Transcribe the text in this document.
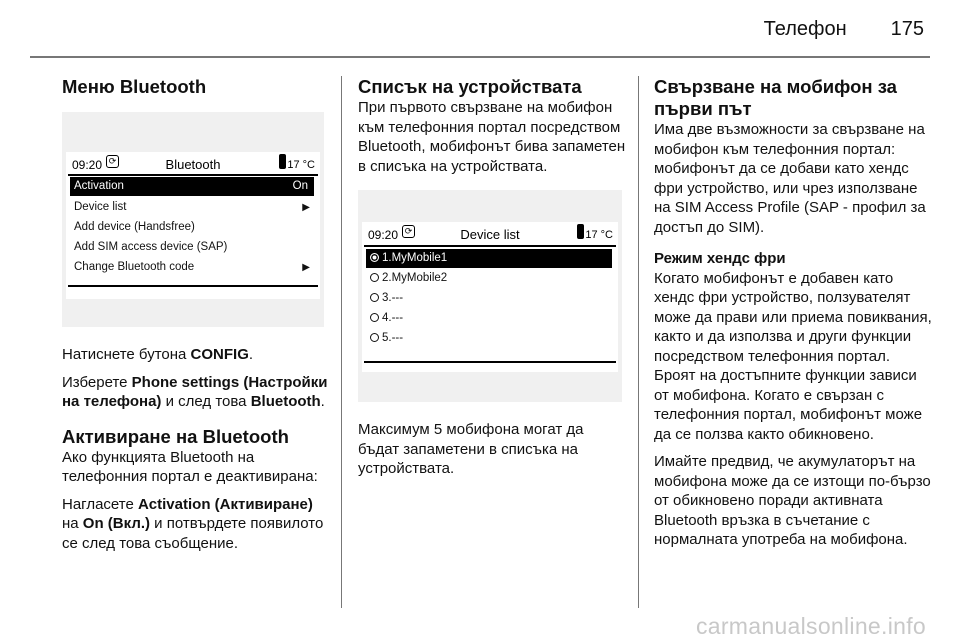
Телефон 175
Меню Bluetooth
09:20 ⟳	Bluetooth	17 °C
Activation	On
Device list	▶
Add device (Handsfree)
Add SIM access device (SAP)
Change Bluetooth code	▶

Натиснете бутона CONFIG.

Изберете Phone settings (Настройки на телефона) и след това Bluetooth.

Активиране на Bluetooth

Ако функцията Bluetooth на телефонния портал е деактивирана:

Нагласете Activation (Активиране) на On (Вкл.) и потвърдете появилото се след това съобщение.

Списък на устройствата

При първото свързване на мобифон към телефонния портал посредством Bluetooth, мобифонът бива запаметен в списъка на устройствата.

09:20 ⟳	Device list	17 °C
1.MyMobile1
2.MyMobile2
3.---
4.---
5.---

Максимум 5 мобифона могат да бъдат запаметени в списъка на устройствата.

Свързване на мобифон за първи път

Има две възможности за свързване на мобифон към телефонния портал: мобифонът да се добави като хендс фри устройство, или чрез използване на SIM Access Profile (SAP - профил за достъп до SIM).

Режим хендс фри

Когато мобифонът е добавен като хендс фри устройство, ползувателят може да прави или приема повиквания, както и да използва и други функции посредством телефонния портал. Броят на достъпните функции зависи от мобифона. Когато е свързан с телефонния портал, мобифонът може да се ползва както обикновено.

Имайте предвид, че акумулаторът на мобифона може да се изтощи по-бързо от обикновено поради активната Bluetooth връзка в съчетание с нормалната употреба на мобифона.

carmanualsonline.info
